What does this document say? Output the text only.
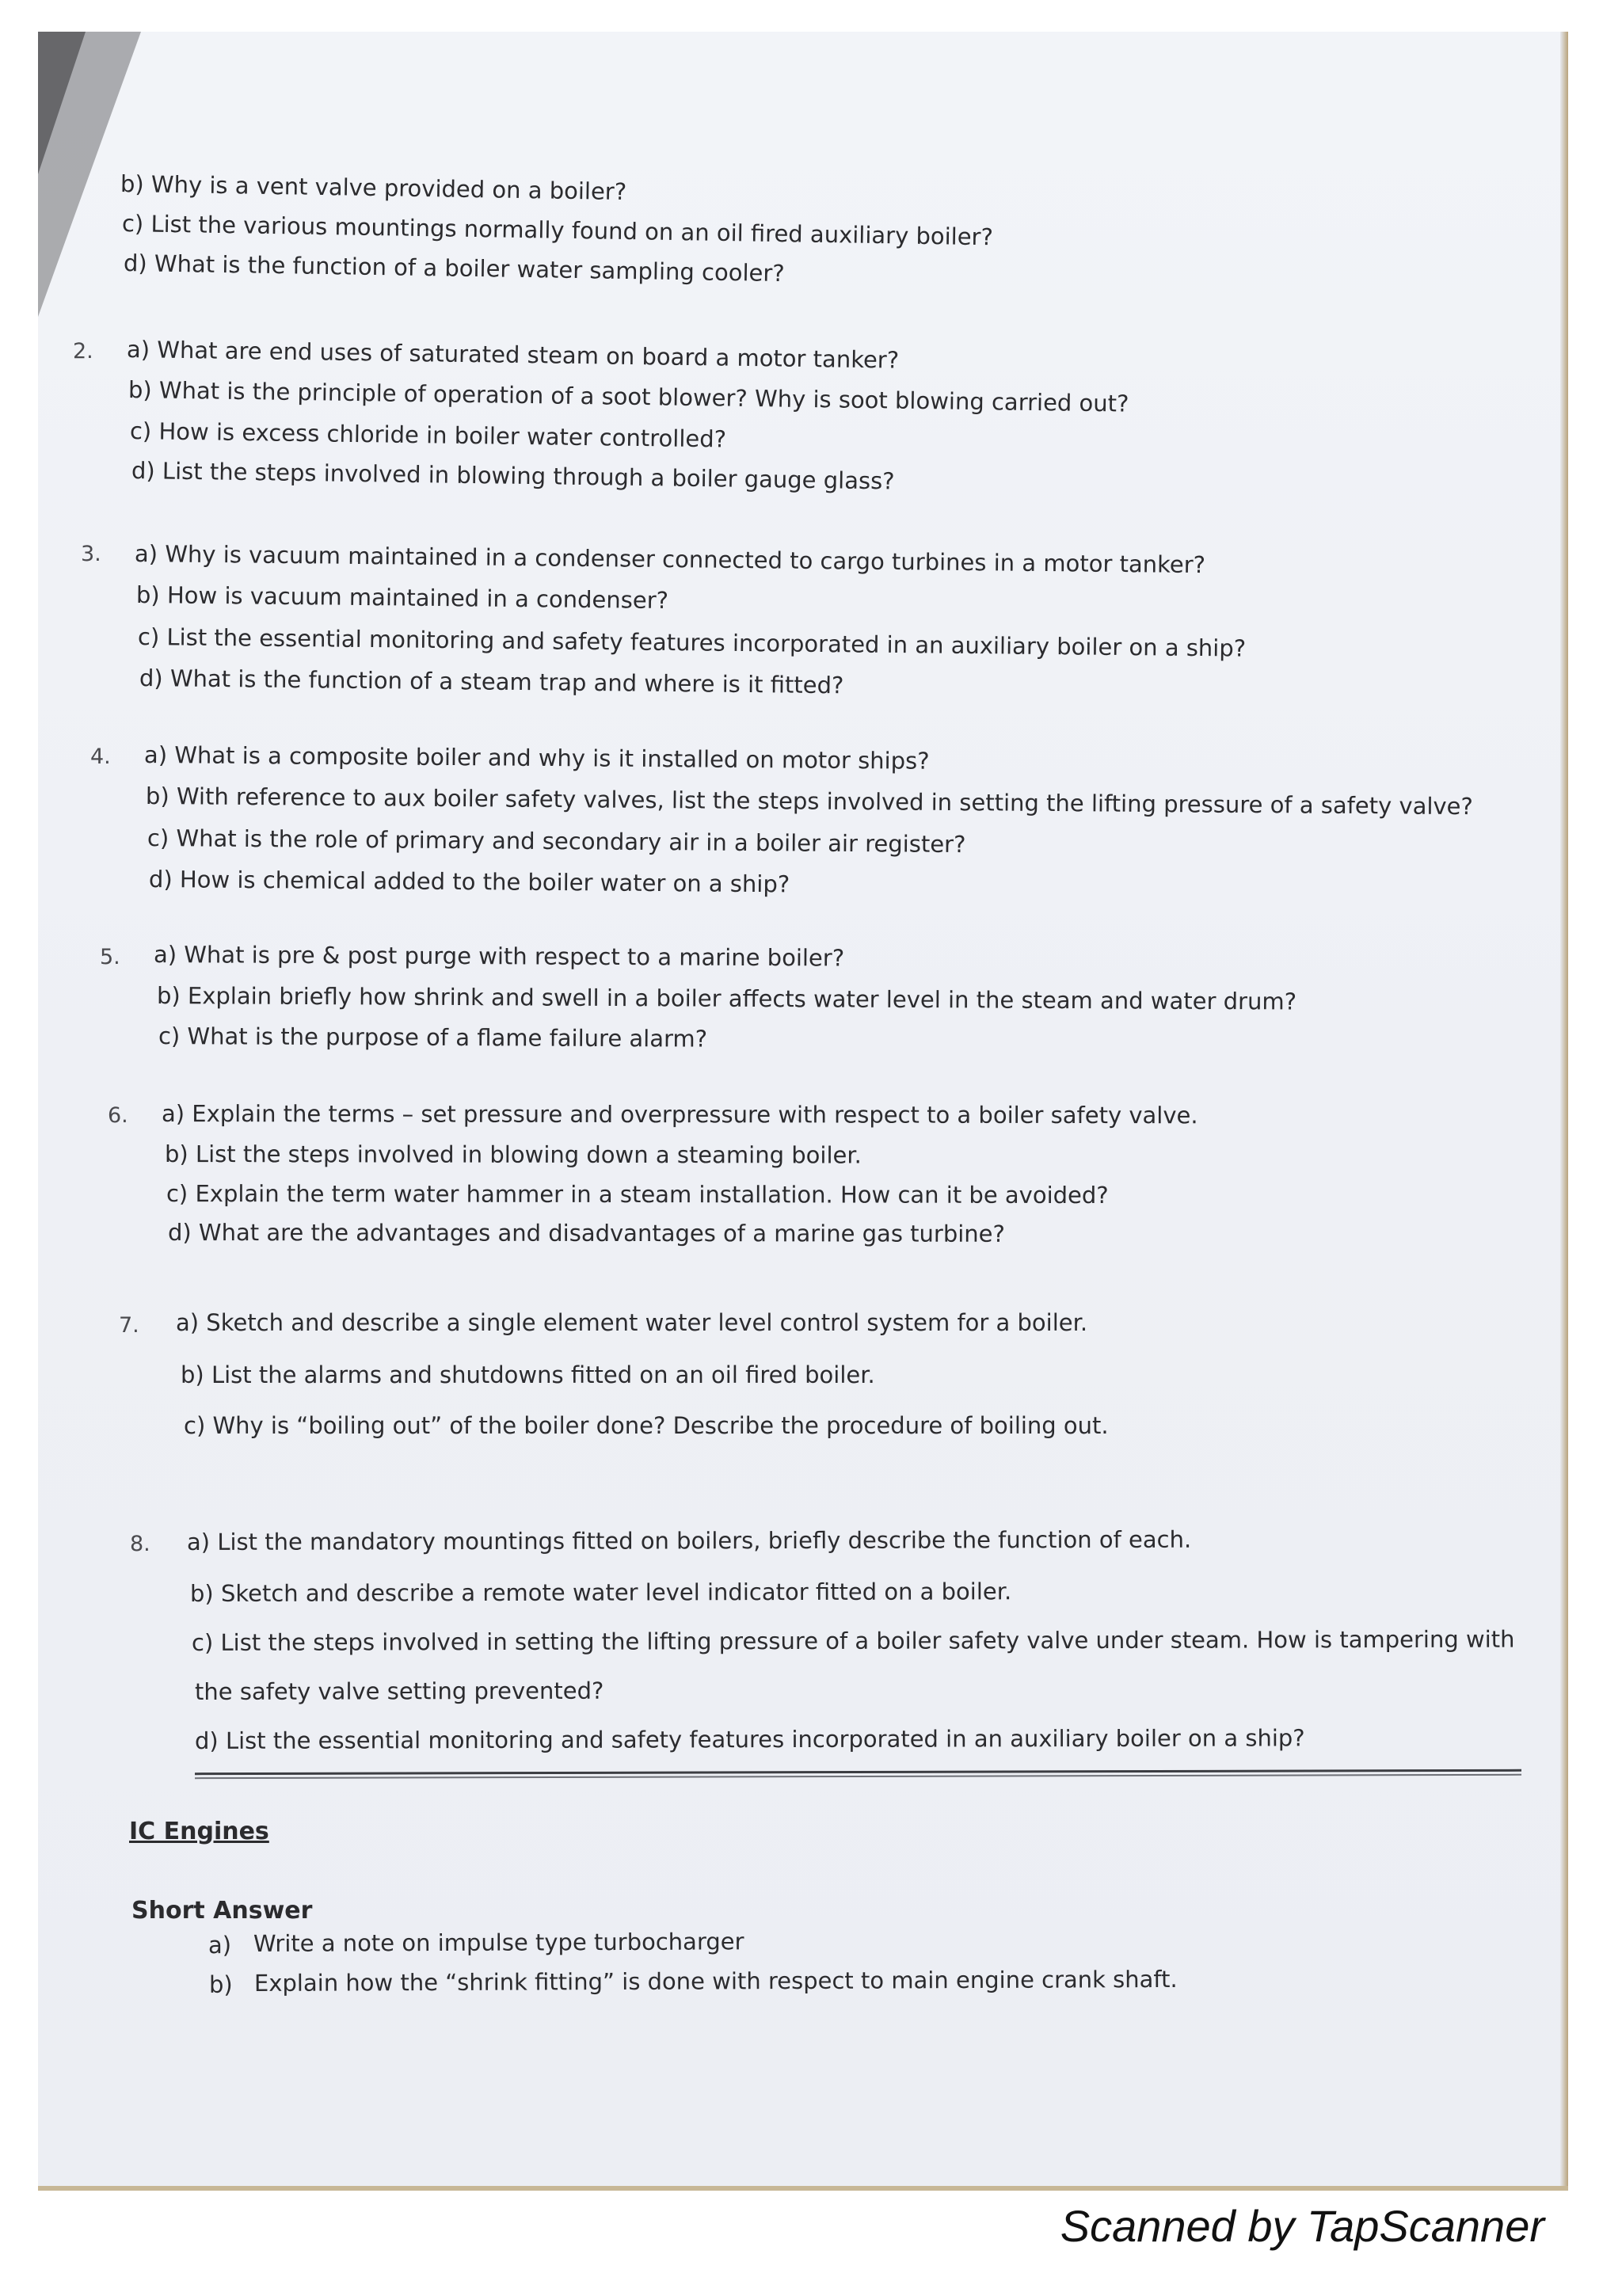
b) Why is a vent valve provided on a boiler?
c) List the various mountings normally found on an oil fired auxiliary boiler?
d) What is the function of a boiler water sampling cooler?
2. a) What are end uses of saturated steam on board a motor tanker?
b) What is the principle of operation of a soot blower? Why is soot blowing carried out?
c) How is excess chloride in boiler water controlled?
d) List the steps involved in blowing through a boiler gauge glass?
3. a) Why is vacuum maintained in a condenser connected to cargo turbines in a motor tanker?
b) How is vacuum maintained in a condenser?
c) List the essential monitoring and safety features incorporated in an auxiliary boiler on a ship?
d) What is the function of a steam trap and where is it fitted?
4. a) What is a composite boiler and why is it installed on motor ships?
b) With reference to aux boiler safety valves, list the steps involved in setting the lifting pressure of a safety valve?
c) What is the role of primary and secondary air in a boiler air register?
d) How is chemical added to the boiler water on a ship?
5. a) What is pre & post purge with respect to a marine boiler?
b) Explain briefly how shrink and swell in a boiler affects water level in the steam and water drum?
c) What is the purpose of a flame failure alarm?
6. a) Explain the terms – set pressure and overpressure with respect to a boiler safety valve.
b) List the steps involved in blowing down a steaming boiler.
c) Explain the term water hammer in a steam installation. How can it be avoided?
d) What are the advantages and disadvantages of a marine gas turbine?
7. a) Sketch and describe a single element water level control system for a boiler.
b) List the alarms and shutdowns fitted on an oil fired boiler.
c) Why is “boiling out” of the boiler done? Describe the procedure of boiling out.
8. a) List the mandatory mountings fitted on boilers, briefly describe the function of each.
b) Sketch and describe a remote water level indicator fitted on a boiler.
c) List the steps involved in setting the lifting pressure of a boiler safety valve under steam. How is tampering with
the safety valve setting prevented?
d) List the essential monitoring and safety features incorporated in an auxiliary boiler on a ship?
IC Engines
Short Answer
a) Write a note on impulse type turbocharger
b) Explain how the “shrink fitting” is done with respect to main engine crank shaft.
Scanned by TapScanner
